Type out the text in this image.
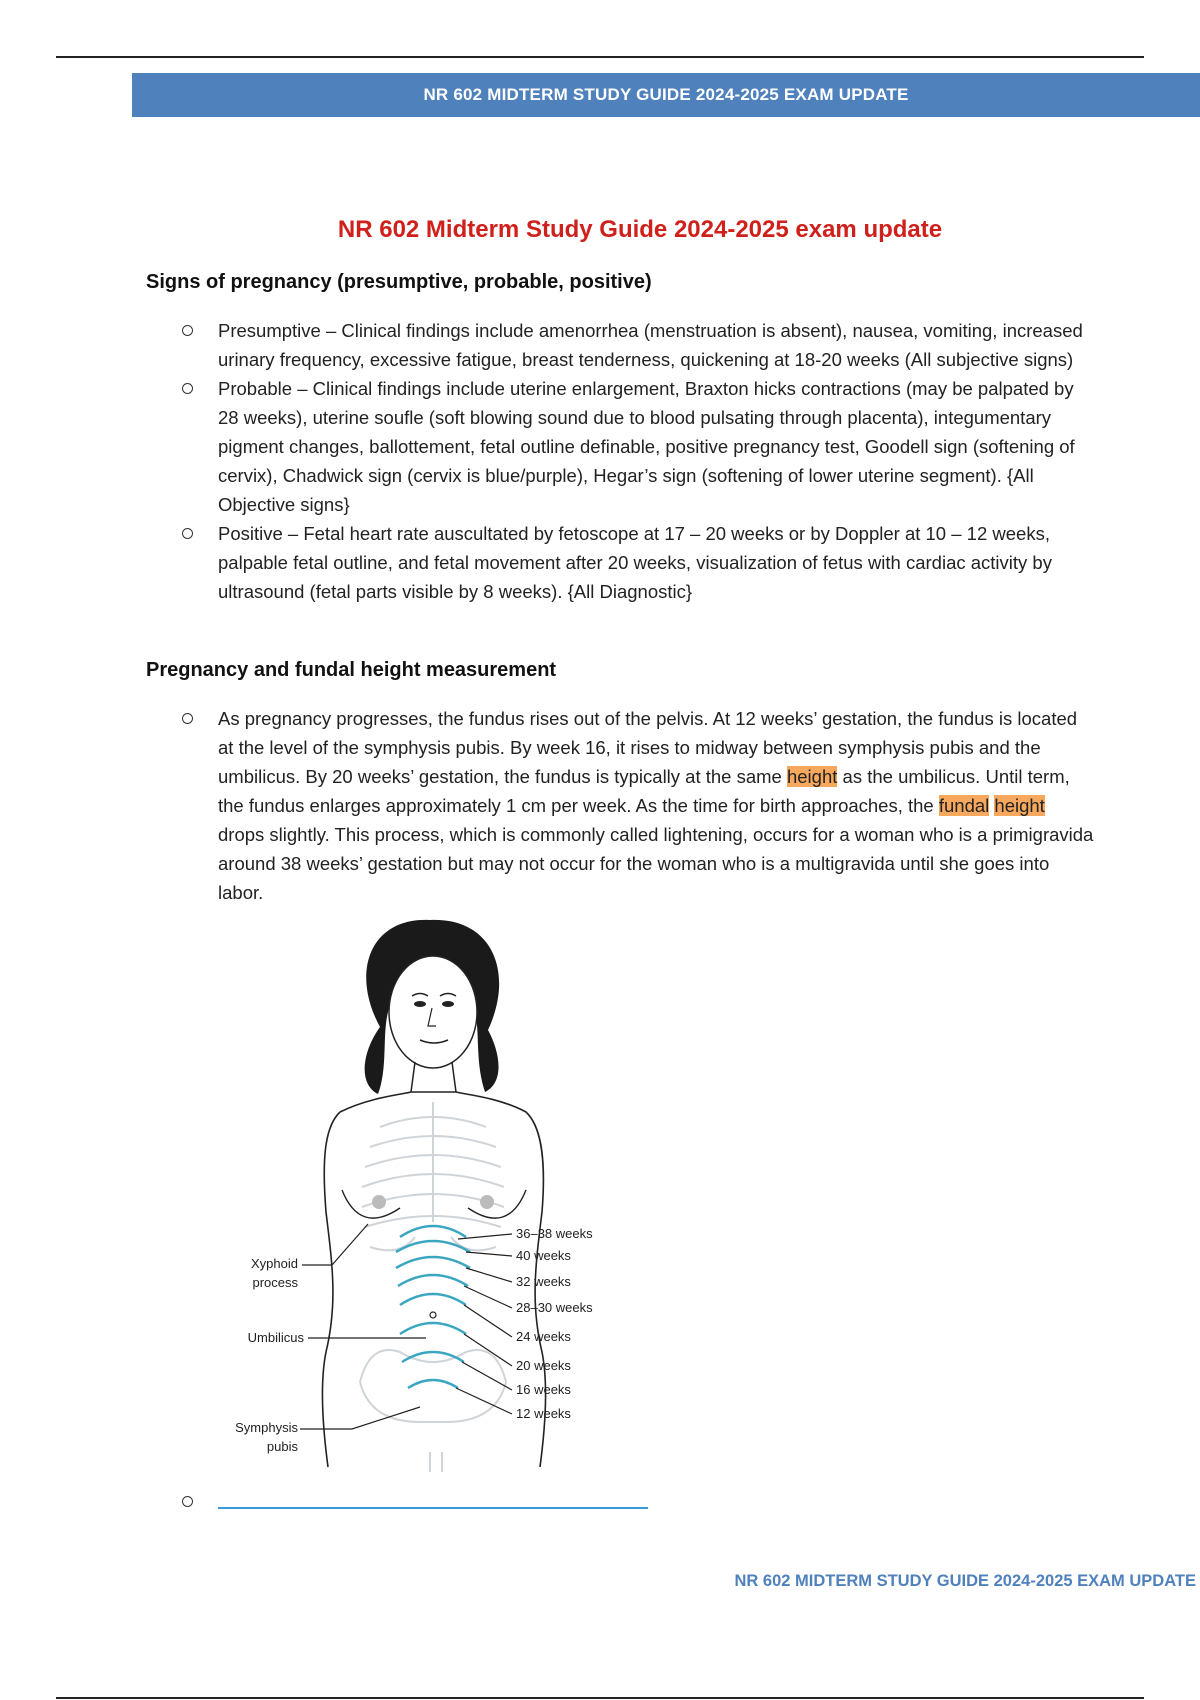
NR 602 MIDTERM STUDY GUIDE 2024-2025 EXAM UPDATE
NR 602 Midterm Study Guide 2024-2025 exam update
Signs of pregnancy (presumptive, probable, positive)
Presumptive – Clinical findings include amenorrhea (menstruation is absent), nausea, vomiting, increased urinary frequency, excessive fatigue, breast tenderness, quickening at 18-20 weeks (All subjective signs)
Probable – Clinical findings include uterine enlargement, Braxton hicks contractions (may be palpated by 28 weeks), uterine soufle (soft blowing sound due to blood pulsating through placenta), integumentary pigment changes, ballottement, fetal outline definable, positive pregnancy test, Goodell sign (softening of cervix), Chadwick sign (cervix is blue/purple), Hegar’s sign (softening of lower uterine segment). {All Objective signs}
Positive – Fetal heart rate auscultated by fetoscope at 17 – 20 weeks or by Doppler at 10 – 12 weeks, palpable fetal outline, and fetal movement after 20 weeks, visualization of fetus with cardiac activity by ultrasound (fetal parts visible by 8 weeks). {All Diagnostic}
Pregnancy and fundal height measurement
As pregnancy progresses, the fundus rises out of the pelvis. At 12 weeks’ gestation, the fundus is located at the level of the symphysis pubis. By week 16, it rises to midway between symphysis pubis and the umbilicus. By 20 weeks’ gestation, the fundus is typically at the same height as the umbilicus. Until term, the fundus enlarges approximately 1 cm per week. As the time for birth approaches, the fundal height drops slightly. This process, which is commonly called lightening, occurs for a woman who is a primigravida around 38 weeks’ gestation but may not occur for the woman who is a multigravida until she goes into labor.
Xyphoid
process
Umbilicus
Symphysis
pubis
36–38 weeks
40 weeks
32 weeks
28–30 weeks
24 weeks
20 weeks
16 weeks
12 weeks
NR 602 MIDTERM STUDY GUIDE 2024-2025 EXAM UPDATE
